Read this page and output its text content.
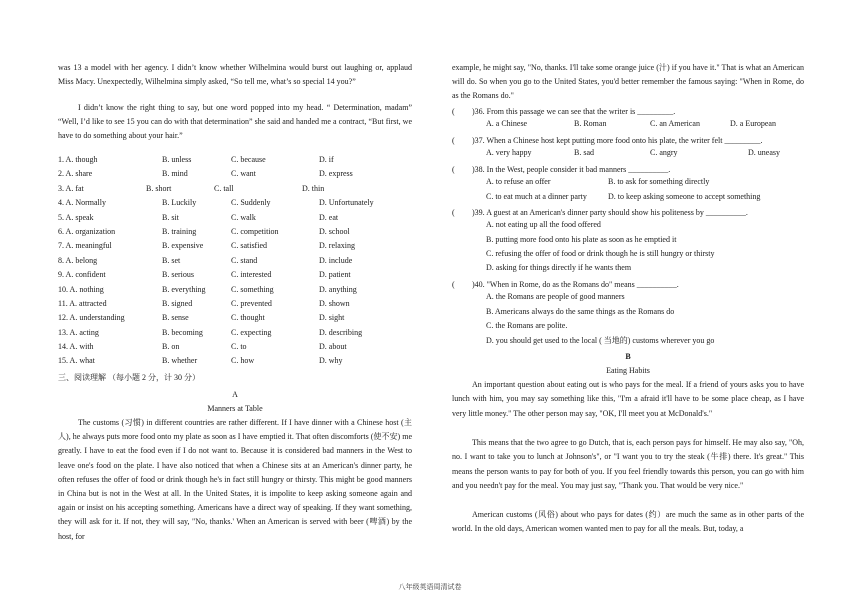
was 13 a model with her agency. I didn’t know whether Wilhelmina would burst out laughing or, applaud Miss Macy. Unexpectedly, Wilhelmina simply asked, “So tell me, what’s so special 14 you?”
I didn’t know the right thing to say, but one word popped into my head. “ Determination, madam” “Well, I’d like to see 15 you can do with that determination” she said and handed me a contract, “But first, we have to do something about your hair.”
1. A. though	B. unless	C. because	D. if
2. A. share	B. mind	C. want	D. express
3. A. fat	B. short	C. tall	D. thin
4. A. Normally	B. Luckily	C. Suddenly	D. Unfortunately
5. A. speak	B. sit	C. walk	D. eat
6. A. organization	B. training	C. competition	D. school
7. A. meaningful	B. expensive	C. satisfied	D. relaxing
8. A. belong	B. set	C. stand	D. include
9. A. confident	B. serious	C. interested	D. patient
10. A. nothing	B. everything	C. something	D. anything
11. A. attracted	B. signed	C. prevented	D. shown
12. A. understanding	B. sense	C. thought	D. sight
13. A. acting	B. becoming	C. expecting	D. describing
14. A. with	B. on	C. to	D. about
15. A. what	B. whether	C. how	D. why
三、阅读理解 （每小题 2 分，计 30 分）
A
Manners at Table
The customs (习惯) in different countries are rather different. If I have dinner with a Chinese host (主人), he always puts more food onto my plate as soon as I have emptied it. That often discomforts (使不安) me greatly. I have to eat the food even if I do not want to. Because it is considered bad manners in the West to leave one's food on the plate. I have also noticed that when a Chinese sits at an American's dinner party, he often refuses the offer of food or drink though he's in fact still hungry or thirsty. This might be good manners in China but is not in the West at all. In the United States, it is impolite to keep asking someone again and again or insist on his accepting something. Americans have a direct way of speaking. If they want something, they will ask for it. If not, they will say, "No, thanks.' When an American is served with beer (啤酒) by the host, for
example, he might say, "No, thanks. I'll take some orange juice (汁) if you have it." That is what an American will do. So when you go to the United States, you'd better remember the famous saying: "When in Rome, do as the Romans do."
( )36. From this passage we can see that the writer is _________.
A. a Chinese	B. Roman	C. an American	D. a European
( )37. When a Chinese host kept putting more food onto his plate, the writer felt _________.
A. very happy	B. sad	C. angry	D. uneasy
( )38. In the West, people consider it bad manners __________.
A. to refuse an offer	B. to ask for something directly
C. to eat much at a dinner party	D. to keep asking someone to accept something
( )39. A guest at an American's dinner party should show his politeness by __________.
A. not eating up all the food offered
B. putting more food onto his plate as soon as he emptied it
C. refusing the offer of food or drink though he is still hungry or thirsty
D. asking for things directly if he wants them
( )40. "When in Rome, do as the Romans do" means __________.
A. the Romans are people of good manners
B. Americans always do the same things as the Romans do
C. the Romans are polite.
D. you should get used to the local ( 当地的) customs wherever you go
B
Eating Habits
An important question about eating out is who pays for the meal. If a friend of yours asks you to have lunch with him, you may say something like this, "I'm a afraid it'll have to be some place cheap, as I have very little money." The other person may say, "OK, I'll meet you at McDonald's."
This means that the two agree to go Dutch, that is, each person pays for himself. He may also say, "Oh, no. I want to take you to lunch at Johnson's", or "I want you to try the steak (牛排) there. It's great." This means the person wants to pay for both of you. If you feel friendly towards this person, you can go with him and you needn't pay for the meal. You may just say, "Thank you. That would be very nice."
American customs (风俗) about who pays for dates (约）are much the same as in other parts of the world. In the old days, American women wanted men to pay for all the meals. But, today, a
八年级英语周清试卷
